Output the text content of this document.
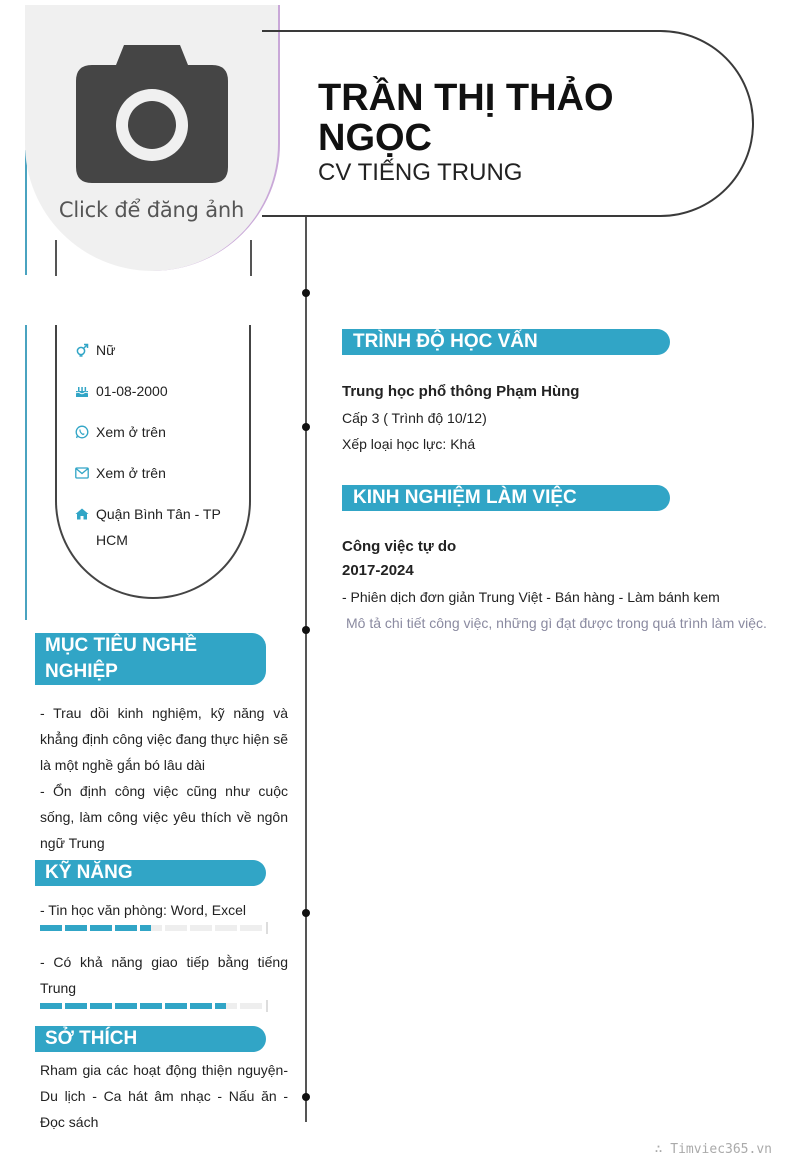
Click để đăng ảnh
TRẦN THỊ THẢO NGỌC
CV TIẾNG TRUNG
Nữ
01-08-2000
Xem ở trên
Xem ở trên
Quận Bình Tân - TP HCM
MỤC TIÊU NGHỀ NGHIỆP
- Trau dồi kinh nghiệm, kỹ năng và khẳng định công việc đang thực hiện sẽ là một nghề gắn bó lâu dài
- Ổn định công việc cũng như cuộc sống, làm công việc yêu thích về ngôn ngữ Trung
KỸ NĂNG
- Tin học văn phòng: Word, Excel
- Có khả năng giao tiếp bằng tiếng Trung
SỞ THÍCH
Rham gia các hoạt động thiện nguyện- Du lịch - Ca hát âm nhạc - Nấu ăn - Đọc sách
TRÌNH ĐỘ HỌC VẤN
Trung học phổ thông Phạm Hùng
Cấp 3 ( Trình độ 10/12)
Xếp loại học lực: Khá
KINH NGHIỆM LÀM VIỆC
Công việc tự do
2017-2024
- Phiên dịch đơn giản Trung Việt - Bán hàng - Làm bánh kem
Mô tả chi tiết công việc, những gì đạt được trong quá trình làm việc.
∴ Timviec365.vn
